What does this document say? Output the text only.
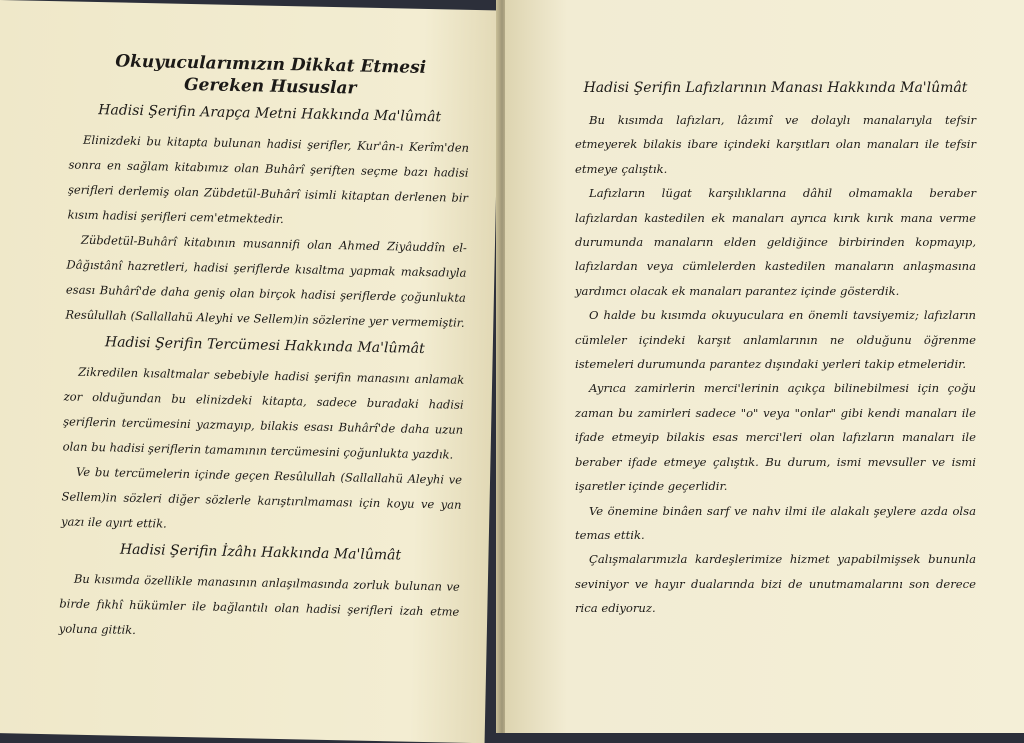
Okuyucularımızın Dikkat Etmesi
Gereken Hususlar
Hadisi Şerifin Arapça Metni Hakkında Ma'lûmât

Elinizdeki bu kitapta bulunan hadisi şerifler, Kur'ân-ı Kerîm'den sonra en sağlam kitabımız olan Buhârî şeriften seçme bazı hadisi şerifleri derlemiş olan Zübdetül-Buhârî isimli kitaptan derlenen bir kısım hadisi şerifleri cem'etmektedir.

Zübdetül-Buhârî kitabının musannifi olan Ahmed Ziyâuddîn el-Dâğıstânî hazretleri, hadisi şeriflerde kısaltma yapmak maksadıyla esası Buhârî'de daha geniş olan birçok hadisi şeriflerde çoğunlukta Resûlullah (Sallallahü Aleyhi ve Sellem)in sözlerine yer vermemiştir.

Hadisi Şerifin Tercümesi Hakkında Ma'lûmât

Zikredilen kısaltmalar sebebiyle hadisi şerifin manasını anlamak zor olduğundan bu elinizdeki kitapta, sadece buradaki hadisi şeriflerin tercümesini yazmayıp, bilakis esası Buhârî'de daha uzun olan bu hadisi şeriflerin tamamının tercümesini çoğunlukta yazdık.

Ve bu tercümelerin içinde geçen Resûlullah (Sallallahü Aleyhi ve Sellem)in sözleri diğer sözlerle karıştırılmaması için koyu ve yan yazı ile ayırt ettik.

Hadisi Şerifin İzâhı Hakkında Ma'lûmât

Bu kısımda özellikle manasının anlaşılmasında zorluk bulunan ve birde fıkhî hükümler ile bağlantılı olan hadisi şerifleri izah etme yoluna gittik.

Hadisi Şerifin Lafızlarının Manası Hakkında Ma'lûmât

Bu kısımda lafızları, lâzımî ve dolaylı manalarıyla tefsir etmeyerek bilakis ibare içindeki karşıtları olan manaları ile tefsir etmeye çalıştık.

Lafızların lügat karşılıklarına dâhil olmamakla beraber lafızlardan kastedilen ek manaları ayrıca kırık kırık mana verme durumunda manaların elden geldiğince birbirinden kopmayıp, lafızlardan veya cümlelerden kastedilen manaların anlaşmasına yardımcı olacak ek manaları parantez içinde gösterdik.

O halde bu kısımda okuyuculara en önemli tavsiyemiz; lafızların cümleler içindeki karşıt anlamlarının ne olduğunu öğrenme istemeleri durumunda parantez dışındaki yerleri takip etmeleridir.

Ayrıca zamirlerin merci'lerinin açıkça bilinebilmesi için çoğu zaman bu zamirleri sadece "o" veya "onlar" gibi kendi manaları ile ifade etmeyip bilakis esas merci'leri olan lafızların manaları ile beraber ifade etmeye çalıştık. Bu durum, ismi mevsuller ve ismi işaretler içinde geçerlidir.

Ve önemine binâen sarf ve nahv ilmi ile alakalı şeylere azda olsa temas ettik.

Çalışmalarımızla kardeşlerimize hizmet yapabilmişsek bununla seviniyor ve hayır dualarında bizi de unutmamalarını son derece rica ediyoruz.
